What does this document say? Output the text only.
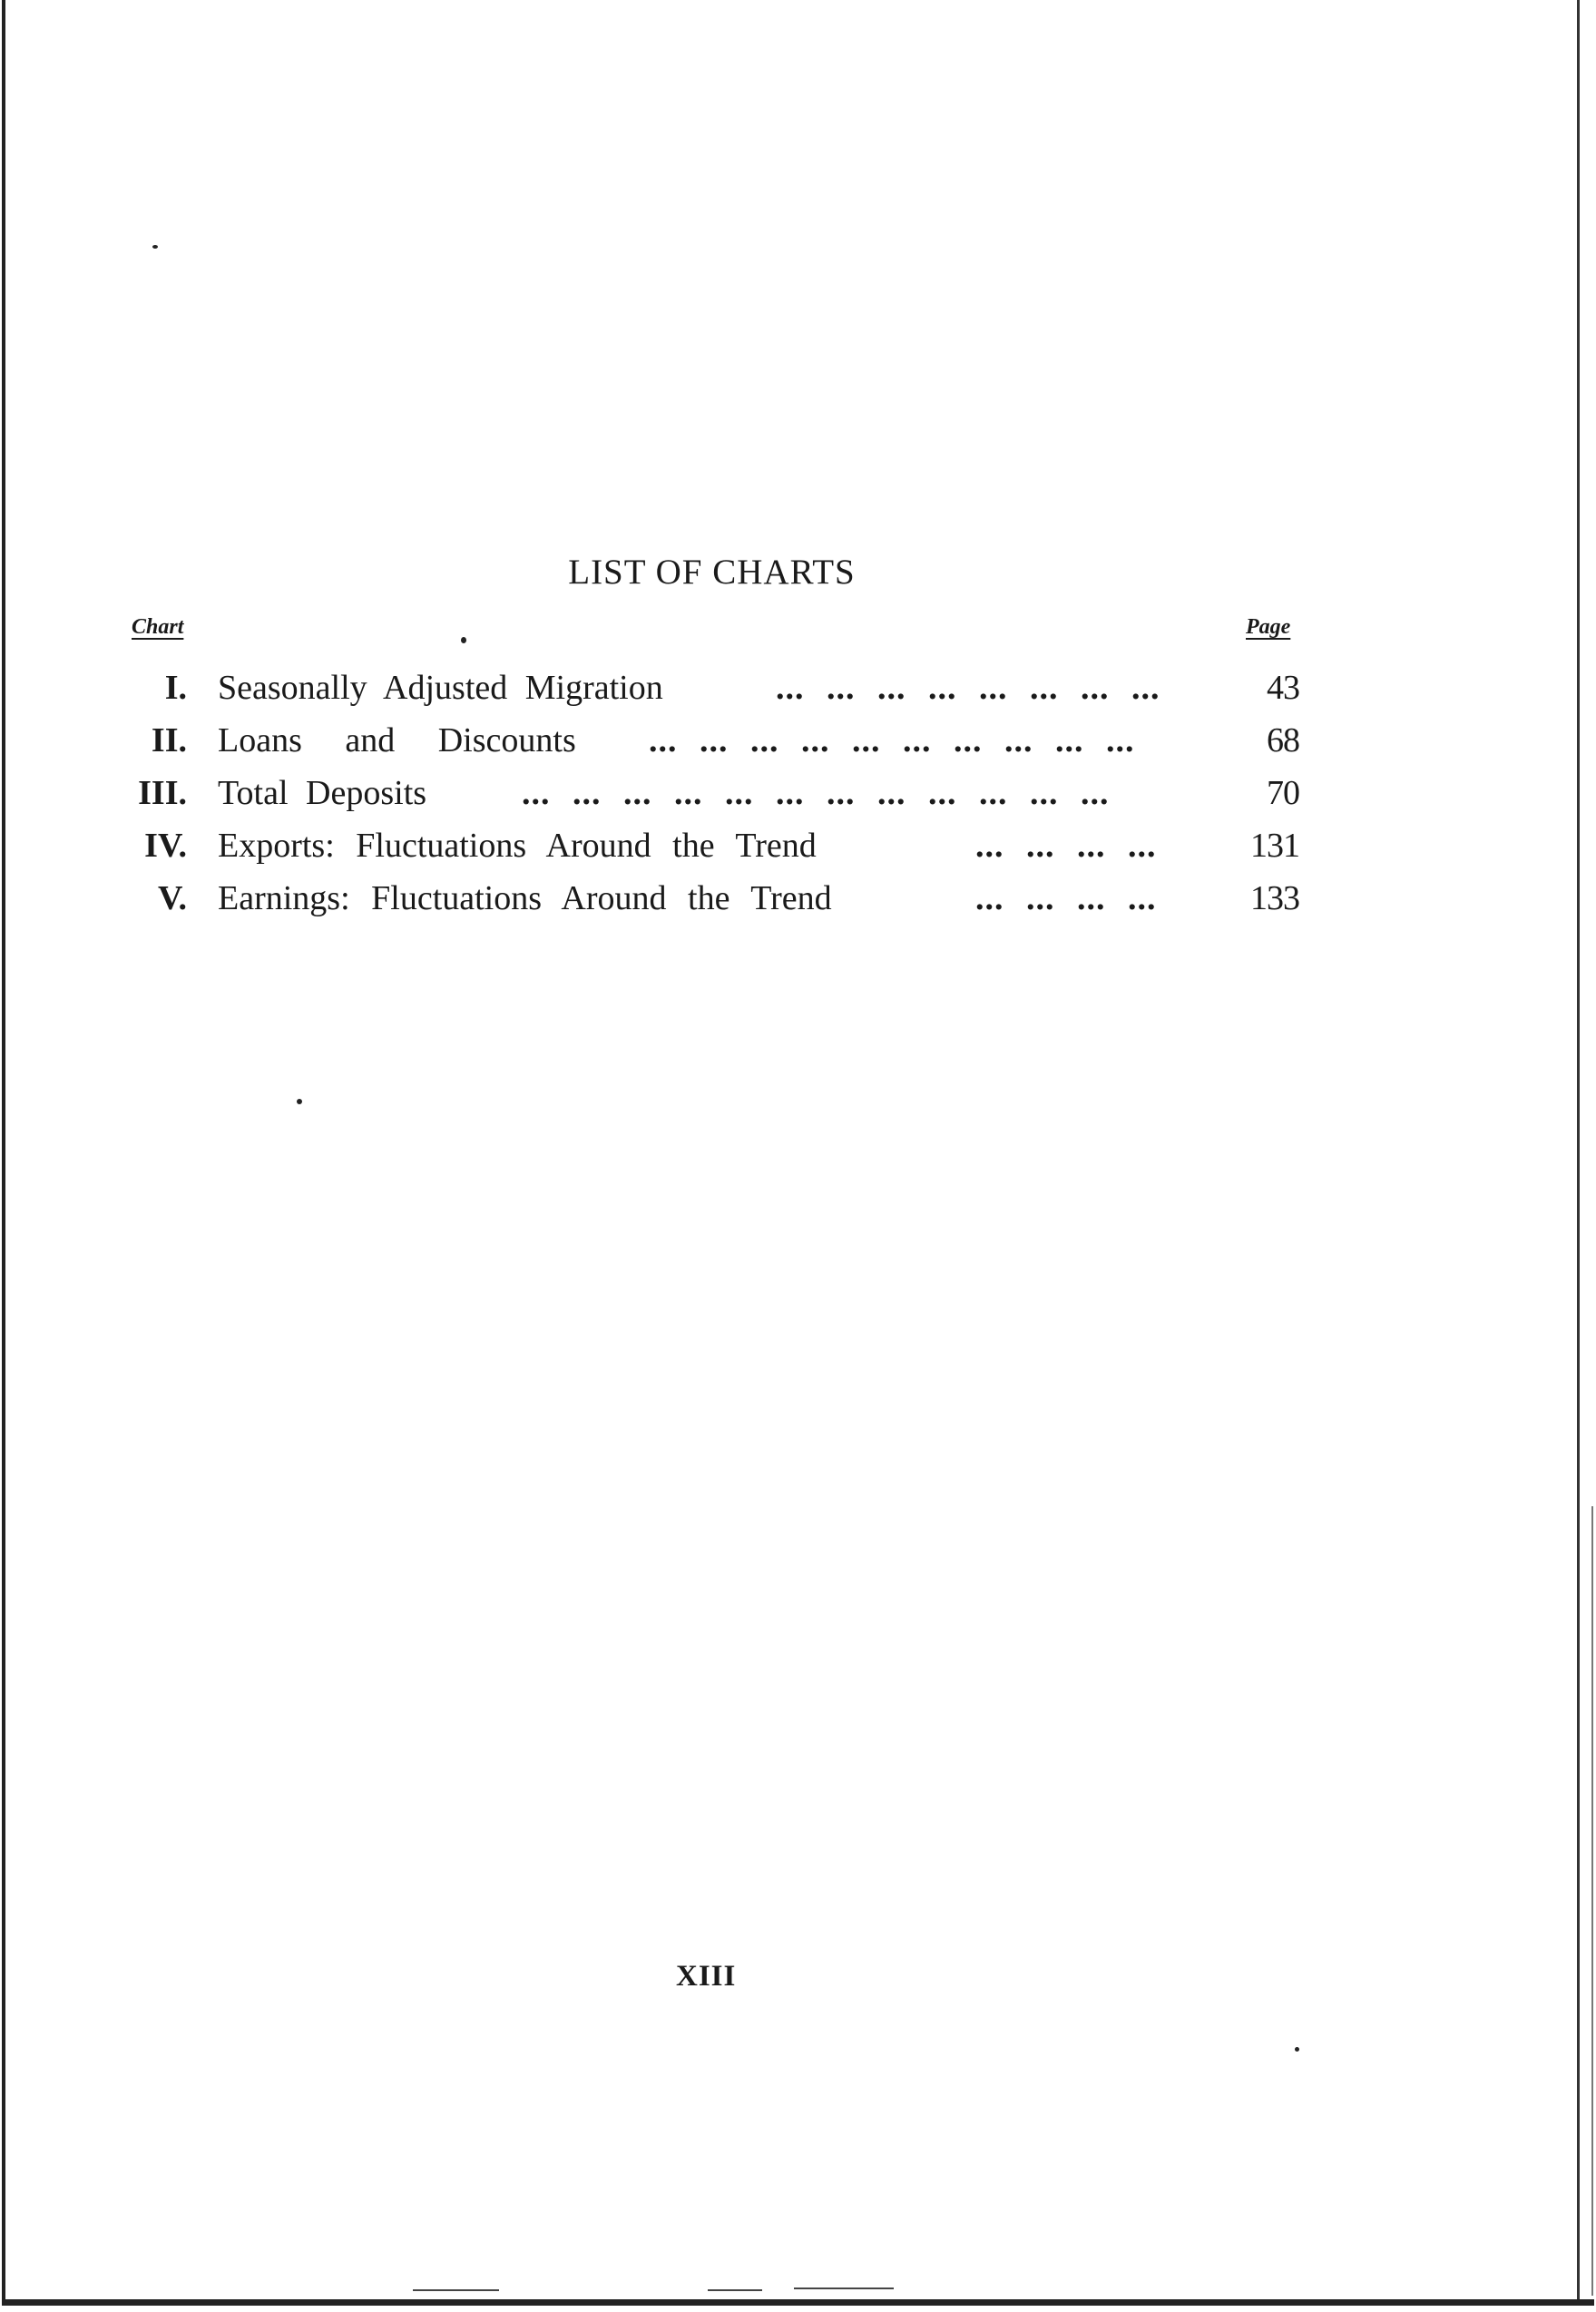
LIST OF CHARTS
Chart	Page
I. Seasonally Adjusted Migration	... ... ... ... ... ... ... ...	43
II. Loans and Discounts ... ... ... ... ... ... ... ... ... ...	68
III. Total Deposits	... ... ... ... ... ... ... ... ... ... ... ...	70
IV. Exports: Fluctuations Around the Trend	... ... ... ...	131
V. Earnings: Fluctuations Around the Trend	... ... ... ...	133
XIII
